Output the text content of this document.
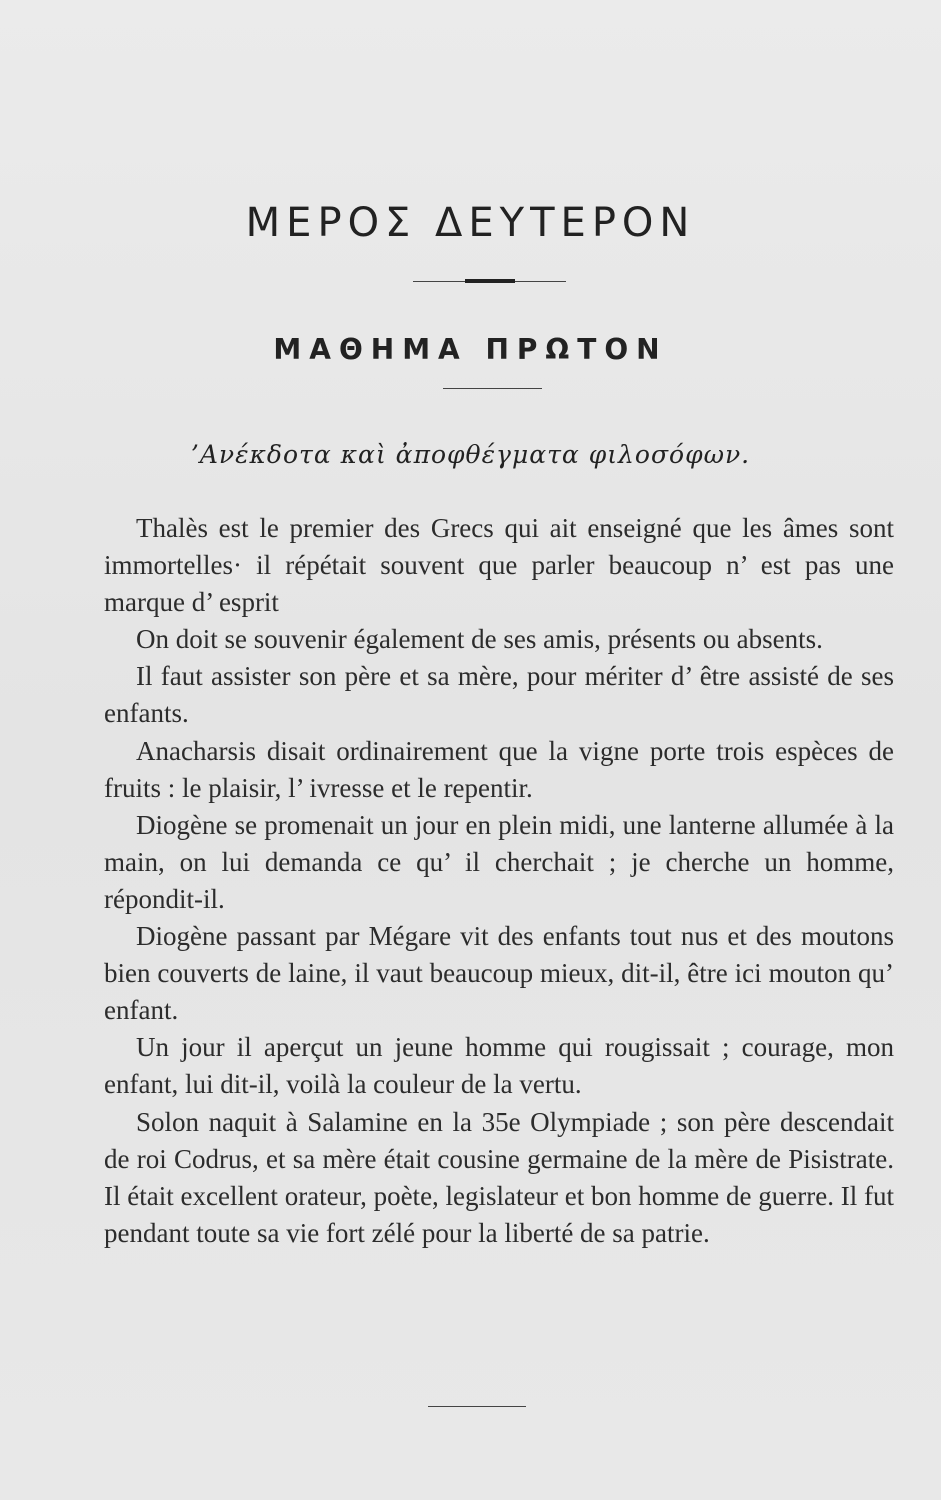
ΜΕΡΟΣ ΔΕΥΤΕΡΟΝ
ΜΑΘΗΜΑ ΠΡΩΤΟΝ
’Ανέκδοτα καὶ ἀποφθέγματα φιλοσόφων.

Thalès est le premier des Grecs qui ait enseigné que les âmes sont immortelles· il répétait souvent que parler beaucoup n’ est pas une marque d’ esprit

On doit se souvenir également de ses amis, présents ou absents.

Il faut assister son père et sa mère, pour mériter d’ être assisté de ses enfants.

Anacharsis disait ordinairement que la vigne porte trois espèces de fruits : le plaisir, l’ ivresse et le repentir.

Diogène se promenait un jour en plein midi, une lanterne allumée à la main, on lui demanda ce qu’ il cherchait ; je cherche un homme, répondit-il.

Diogène passant par Mégare vit des enfants tout nus et des moutons bien couverts de laine, il vaut beaucoup mieux, dit-il, être ici mouton qu’ enfant.

Un jour il aperçut un jeune homme qui rougissait ; courage, mon enfant, lui dit-il, voilà la couleur de la vertu.

Solon naquit à Salamine en la 35e Olympiade ; son père descendait de roi Codrus, et sa mère était cousine germaine de la mère de Pisistrate. Il était excellent orateur, poète, legislateur et bon homme de guerre. Il fut pendant toute sa vie fort zélé pour la liberté de sa patrie.
